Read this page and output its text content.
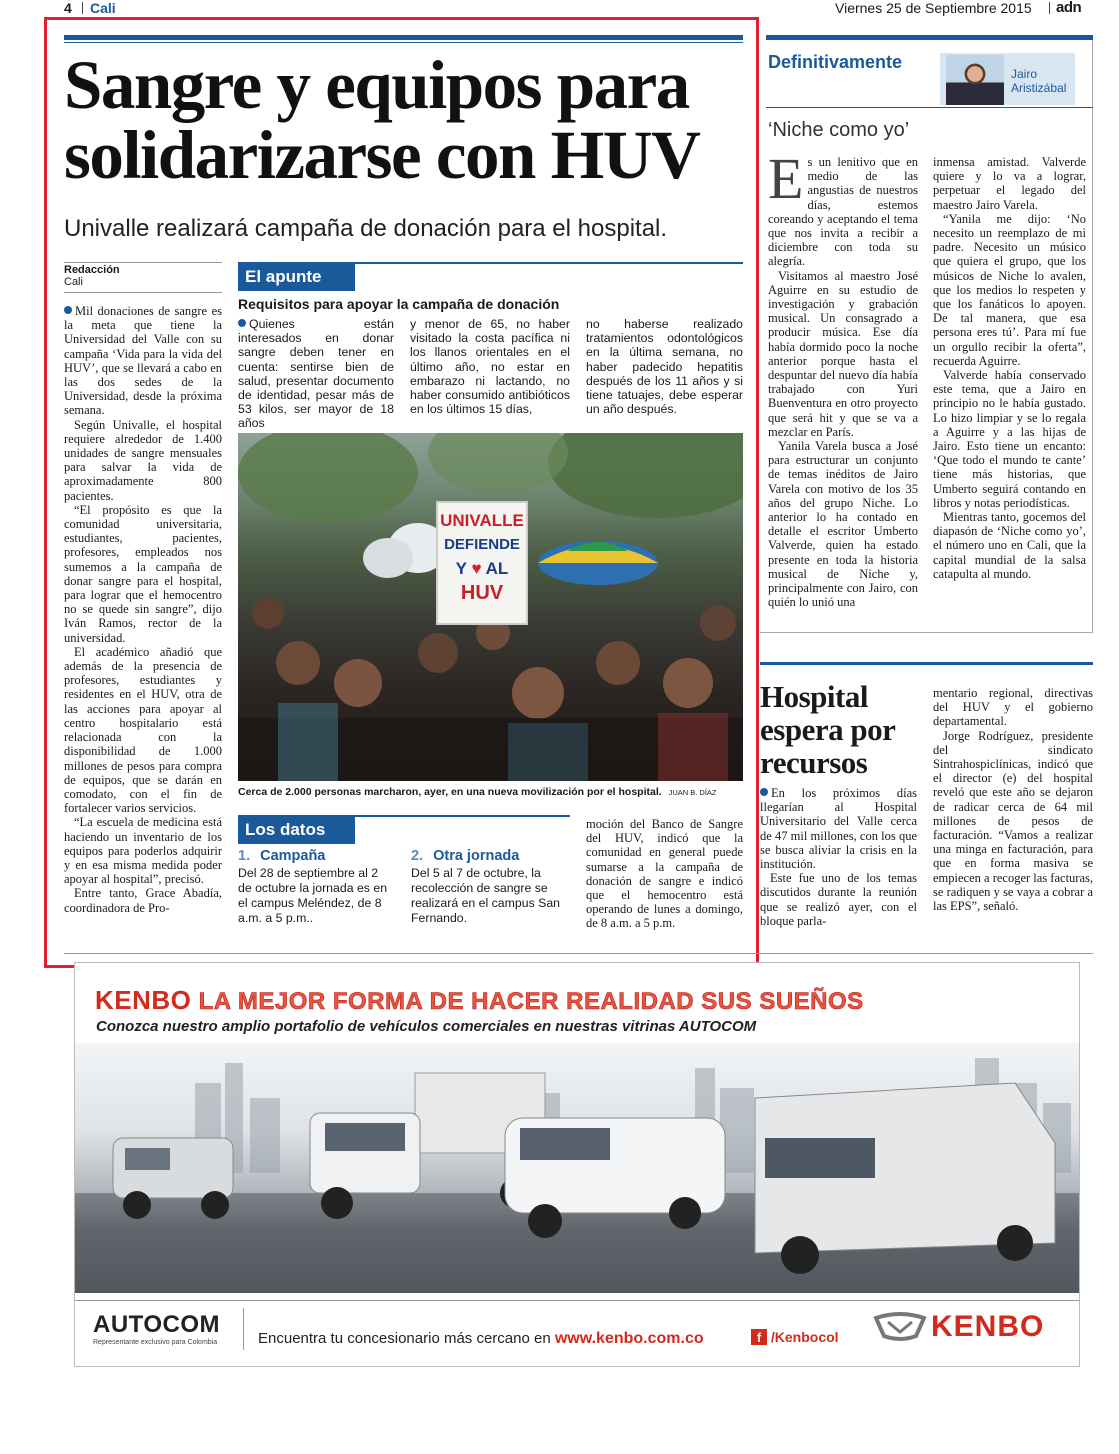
4 Cali	Viernes 25 de Septiembre 2015 adn
Sangre y equipos para
solidarizarse con HUV
Univalle realizará campaña de donación para el hospital.
Redacción
Cali

Mil donaciones de sangre es la meta que tiene la Universidad del Valle con su campaña ‘Vida para la vida del HUV’, que se llevará a cabo en las dos sedes de la Universidad, desde la próxima semana.

Según Univalle, el hospital requiere alrededor de 1.400 unidades de sangre mensuales para salvar la vida de aproximadamente 800 pacientes.

“El propósito es que la comunidad universitaria, estudiantes, pacientes, profesores, empleados nos sumemos a la campaña de donar sangre para el hospital, para lograr que el hemocentro no se quede sin sangre”, dijo Iván Ramos, rector de la universidad.

El académico añadió que además de la presencia de profesores, estudiantes y residentes en el HUV, otra de las acciones para apoyar al centro hospitalario está relacionada con la disponibilidad de 1.000 millones de pesos para compra de equipos, que se darán en comodato, con el fin de fortalecer varios servicios.

“La escuela de medicina está haciendo un inventario de los equipos para poderlos adquirir y en esa misma medida poder apoyar al hospital”, precisó.

Entre tanto, Grace Abadía, coordinadora de Pro-

El apunte
Requisitos para apoyar la campaña de donación
Quienes están interesados en donar sangre deben tener en cuenta: sentirse bien de salud, presentar documento de identidad, pesar más de 53 kilos, ser mayor de 18 años
y menor de 65, no haber visitado la costa pacífica ni los llanos orientales en el último año, no estar en embarazo ni lactando, no haber consumido antibióticos en los últimos 15 días,
no haberse realizado tratamientos odontológicos en la última semana, no haber padecido hepatitis después de los 11 años y si tiene tatuajes, debe esperar un año después.
UNIVALLE
DEFIENDE
Y ♥ AL
HUV
Cerca de 2.000 personas marcharon, ayer, en una nueva movilización por el hospital. JUAN B. DÍAZ
Los datos
1. Campaña
Del 28 de septiembre al 2 de octubre la jornada es en el campus Meléndez, de 8 a.m. a 5 p.m..
2. Otra jornada
Del 5 al 7 de octubre, la recolección de sangre se realizará en el campus San Fernando.
moción del Banco de Sangre del HUV, indicó que la comunidad en general puede sumarse a la campaña de donación de sangre e indicó que el hemocentro está operando de lunes a domingo, de 8 a.m. a 5 p.m.
Definitivamente
Jairo
Aristizábal
‘Niche como yo’

Es un lenitivo que en medio de las angustias de nuestros días, estemos coreando y aceptando el tema que nos invita a recibir a diciembre con toda su alegría.

Visitamos al maestro José Aguirre en su estudio de investigación y grabación musical. Un consagrado a producir música. Ese día había dormido poco la noche anterior porque hasta el despuntar del nuevo día había trabajado con Yuri Buenventura en otro proyecto que será hit y que se va a mezclar en París.

Yanila Varela busca a José para estructurar un conjunto de temas inéditos de Jairo Varela con motivo de los 35 años del grupo Niche. Lo anterior lo ha contado en detalle el escritor Umberto Valverde, quien ha estado presente en toda la historia musical de Niche y, principalmente con Jairo, con quién lo unió una

inmensa amistad. Valverde quiere y lo va a lograr, perpetuar el legado del maestro Jairo Varela.

“Yanila me dijo: ‘No necesito un reemplazo de mi padre. Necesito un músico que quiera el grupo, que los músicos de Niche lo avalen, que los medios lo respeten y que los fanáticos lo apoyen. De tal manera, que esa persona eres tú’. Para mí fue un orgullo recibir la oferta”, recuerda Aguirre.

Valverde había conservado este tema, que a Jairo en principio no le había gustado. Lo hizo limpiar y se lo regala a Aguirre y a las hijas de Jairo. Esto tiene un encanto: ‘Que todo el mundo te cante’ tiene más historias, que Umberto seguirá contando en libros y notas periodísticas.

Mientras tanto, gocemos del diapasón de ‘Niche como yo’, el número uno en Cali, que la capital mundial de la salsa catapulta al mundo.

Hospital
espera por
recursos

En los próximos días llegarían al Hospital Universitario del Valle cerca de 47 mil millones, con los que se busca aliviar la crisis en la institución.

Este fue uno de los temas discutidos durante la reunión que se realizó ayer, con el bloque parla-

mentario regional, directivas del HUV y el gobierno departamental.

Jorge Rodríguez, presidente del sindicato Sintrahospiclínicas, indicó que el director (e) del hospital reveló que este año se dejaron de radicar cerca de 64 mil millones de pesos de facturación. “Vamos a realizar una minga en facturación, para que en forma masiva se empiecen a recoger las facturas, se radiquen y se vaya a cobrar a las EPS”, señaló.

KENBO LA MEJOR FORMA DE HACER REALIDAD SUS SUEÑOS
Conozca nuestro amplio portafolio de vehículos comerciales en nuestras vitrinas AUTOCOM
AUTOCOM
Representante exclusivo para Colombia	Encuentra tu concesionario más cercano en www.kenbo.com.co	f /Kenbocol	KENBO
